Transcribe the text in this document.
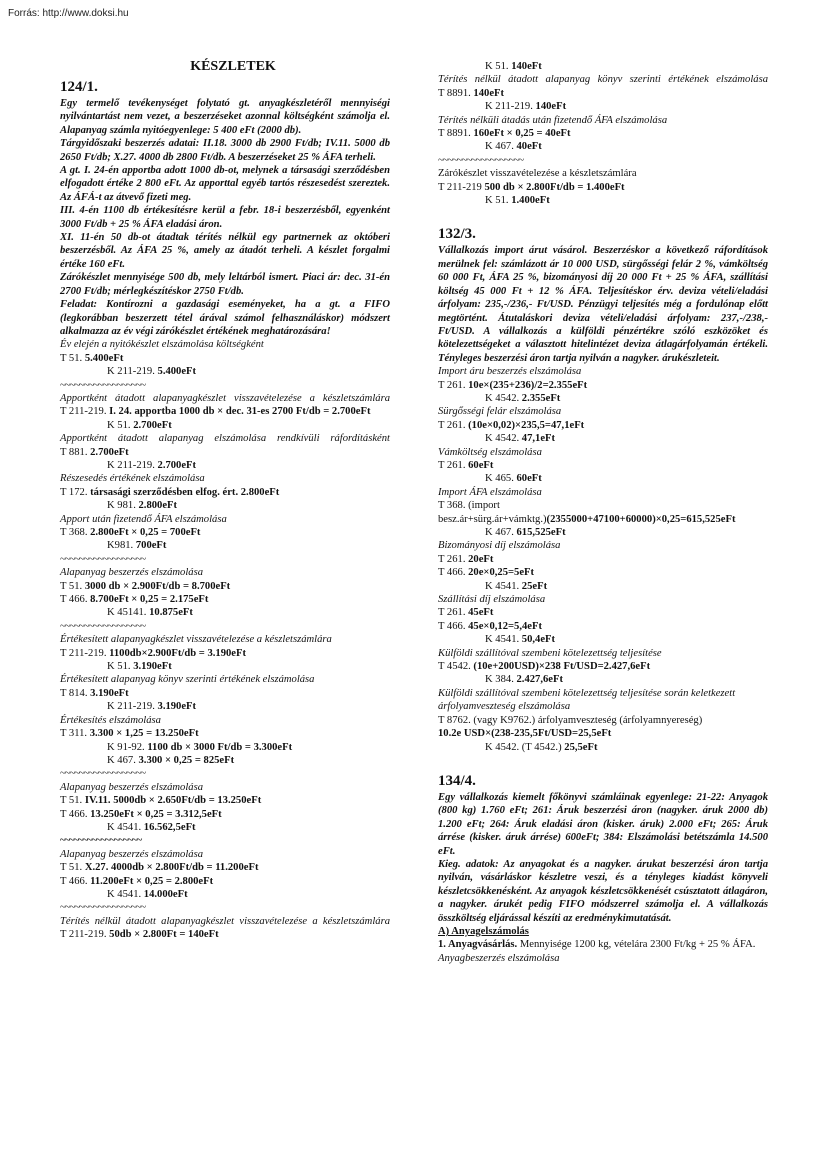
Forrás: http://www.doksi.hu
KÉSZLETEK
124/1.
Egy termelő tevékenységet folytató gt. anyagkészletéről mennyiségi nyilvántartást nem vezet, a beszerzéseket azonnal költségként számolja el. Alapanyag számla nyitóegyenlege: 5 400 eFt (2000 db).
Tárgyidőszaki beszerzés adatai: II.18. 3000 db 2900 Ft/db; IV.11. 5000 db 2650 Ft/db; X.27. 4000 db 2800 Ft/db. A beszerzéseket 25 % ÁFA terheli.
A gt. I. 24-én apportba adott 1000 db-ot, melynek a társasági szerződésben elfogadott értéke 2 800 eFt. Az apporttal egyéb tartós részesedést szereztek. Az ÁFÁ-t az átvevő fizeti meg.
III. 4-én 1100 db értékesítésre kerül a febr. 18-i beszerzésből, egyenként 3000 Ft/db + 25 % ÁFA eladási áron.
XI. 11-én 50 db-ot átadtak térítés nélkül egy partnernek az októberi beszerzésből. Az ÁFA 25 %, amely az átadót terheli. A készlet forgalmi értéke 160 eFt.
Zárókészlet mennyisége 500 db, mely leltárból ismert. Piaci ár: dec. 31-én 2700 Ft/db; mérlegkészítéskor 2750 Ft/db.
Feladat: Kontírozni a gazdasági eseményeket, ha a gt. a FIFO (legkorábban beszerzett tétel árával számol felhasználáskor) módszert alkalmazza az év végi zárókészlet értékének meghatározására!
Év elején a nyitókészlet elszámolása költségként
T 51. 5.400eFt
K 211-219. 5.400eFt
~~~~~~~~~~~~~~~~~~
Apportként átadott alapanyagkészlet visszavételezése a készletszámlára
T 211-219. I. 24. apportba 1000 db × dec. 31-es 2700 Ft/db = 2.700eFt
K 51. 2.700eFt
Apportként átadott alapanyag elszámolása rendkívüli ráfordításként
T 881. 2.700eFt
K 211-219. 2.700eFt
Részesedés értékének elszámolása
T 172. társasági szerződésben elfog. ért. 2.800eFt
K 981. 2.800eFt
Apport után fizetendő ÁFA elszámolása
T 368. 2.800eFt × 0,25 = 700eFt
K981. 700eFt
~~~~~~~~~~~~~~~~~~
Alapanyag beszerzés elszámolása
T 51. 3000 db × 2.900Ft/db = 8.700eFt
T 466. 8.700eFt × 0,25 = 2.175eFt
K 45141. 10.875eFt
~~~~~~~~~~~~~~~~~~
Értékesített alapanyagkészlet visszavételezése a készletszámlára
T 211-219. 1100db×2.900Ft/db = 3.190eFt
K 51. 3.190eFt
Értékesített alapanyag könyv szerinti értékének elszámolása
T 814. 3.190eFt
K 211-219. 3.190eFt
Értékesítés elszámolása
T 311. 3.300 × 1,25 = 13.250eFt
K 91-92. 1100 db × 3000 Ft/db = 3.300eFt
K 467. 3.300 × 0,25 = 825eFt
~~~~~~~~~~~~~~~~~~
Alapanyag beszerzés elszámolása
T 51. IV.11. 5000db × 2.650Ft/db = 13.250eFt
T 466. 13.250eFt × 0,25 = 3.312,5eFt
K 4541. 16.562,5eFt
~~~~~~~~~~~~~~~~~~
Alapanyag beszerzés elszámolása
T 51. X.27. 4000db × 2.800Ft/db = 11.200eFt
T 466. 11.200eFt × 0,25 = 2.800eFt
K 4541. 14.000eFt
~~~~~~~~~~~~~~~~~~
Térítés nélkül átadott alapanyagkészlet visszavételezése a készletszámlára
T 211-219. 50db × 2.800Ft = 140eFt
K 51. 140eFt
Térítés nélkül átadott alapanyag könyv szerinti értékének elszámolása
T 8891. 140eFt
K 211-219. 140eFt
Térítés nélküli átadás után fizetendő ÁFA elszámolása
T 8891. 160eFt × 0,25 = 40eFt
K 467. 40eFt
~~~~~~~~~~~~~~~~~~
Zárókészlet visszavételezése a készletszámlára
T 211-219 500 db × 2.800Ft/db = 1.400eFt
K 51. 1.400eFt
132/3.
Vállalkozás import árut vásárol. Beszerzéskor a következő ráfordítások merülnek fel: számlázott ár 10 000 USD, sürgősségi felár 2 %, vámköltség 60 000 Ft, ÁFA 25 %, bizományosi díj 20 000 Ft + 25 % ÁFA, szállítási költség 45 000 Ft + 12 % ÁFA. Teljesítéskor érv. deviza vételi/eladási árfolyam: 235,-/236,- Ft/USD. Pénzügyi teljesítés még a fordulónap előtt megtörtént. Átutaláskori deviza vételi/eladási árfolyam: 237,-/238,- Ft/USD. A vállalkozás a külföldi pénzértékre szóló eszközöket és kötelezettségeket a választott hitelintézet deviza átlagárfolyamán értékeli. Tényleges beszerzési áron tartja nyilván a nagyker. árukészleteit.
Import áru beszerzés elszámolása
T 261. 10e×(235+236)/2=2.355eFt
K 4542. 2.355eFt
Sürgősségi felár elszámolása
T 261. (10e×0,02)×235,5=47,1eFt
K 4542. 47,1eFt
Vámköltség elszámolása
T 261. 60eFt
K 465. 60eFt
Import ÁFA elszámolása
T 368. (import
besz.ár+sürg.ár+vámktg.)(2355000+47100+60000)×0,25=615,525eFt
K 467. 615,525eFt
Bizományosi díj elszámolása
T 261. 20eFt
T 466. 20e×0,25=5eFt
K 4541. 25eFt
Szállítási díj elszámolása
T 261. 45eFt
T 466. 45e×0,12=5,4eFt
K 4541. 50,4eFt
Külföldi szállítóval szembeni kötelezettség teljesítése
T 4542. (10e+200USD)×238 Ft/USD=2.427,6eFt
K 384. 2.427,6eFt
Külföldi szállítóval szembeni kötelezettség teljesítése során keletkezett árfolyamveszteség elszámolása
T 8762. (vagy K9762.) árfolyamveszteség (árfolyamnyereség)
10.2e USD×(238-235,5Ft/USD=25,5eFt
K 4542. (T 4542.) 25,5eFt
134/4.
Egy vállalkozás kiemelt főkönyvi számláinak egyenlege: 21-22: Anyagok (800 kg) 1.760 eFt; 261: Áruk beszerzési áron (nagyker. áruk 2000 db) 1.200 eFt; 264: Áruk eladási áron (kisker. áruk) 2.000 eFt; 265: Áruk árrése (kisker. áruk árrése) 600eFt; 384: Elszámolási betétszámla 14.500 eFt.
Kieg. adatok: Az anyagokat és a nagyker. árukat beszerzési áron tartja nyilván, vásárláskor készletre veszi, és a tényleges kiadást könyveli készletcsökkenésként. Az anyagok készletcsökkenését csúsztatott átlagáron, a nagyker. árukét pedig FIFO módszerrel számolja el. A vállalkozás összköltség eljárással készíti az eredménykimutatását.
A) Anyagelszámolás
1. Anyagvásárlás. Mennyisége 1200 kg, vételára 2300 Ft/kg + 25 % ÁFA.
Anyagbeszerzés elszámolása
